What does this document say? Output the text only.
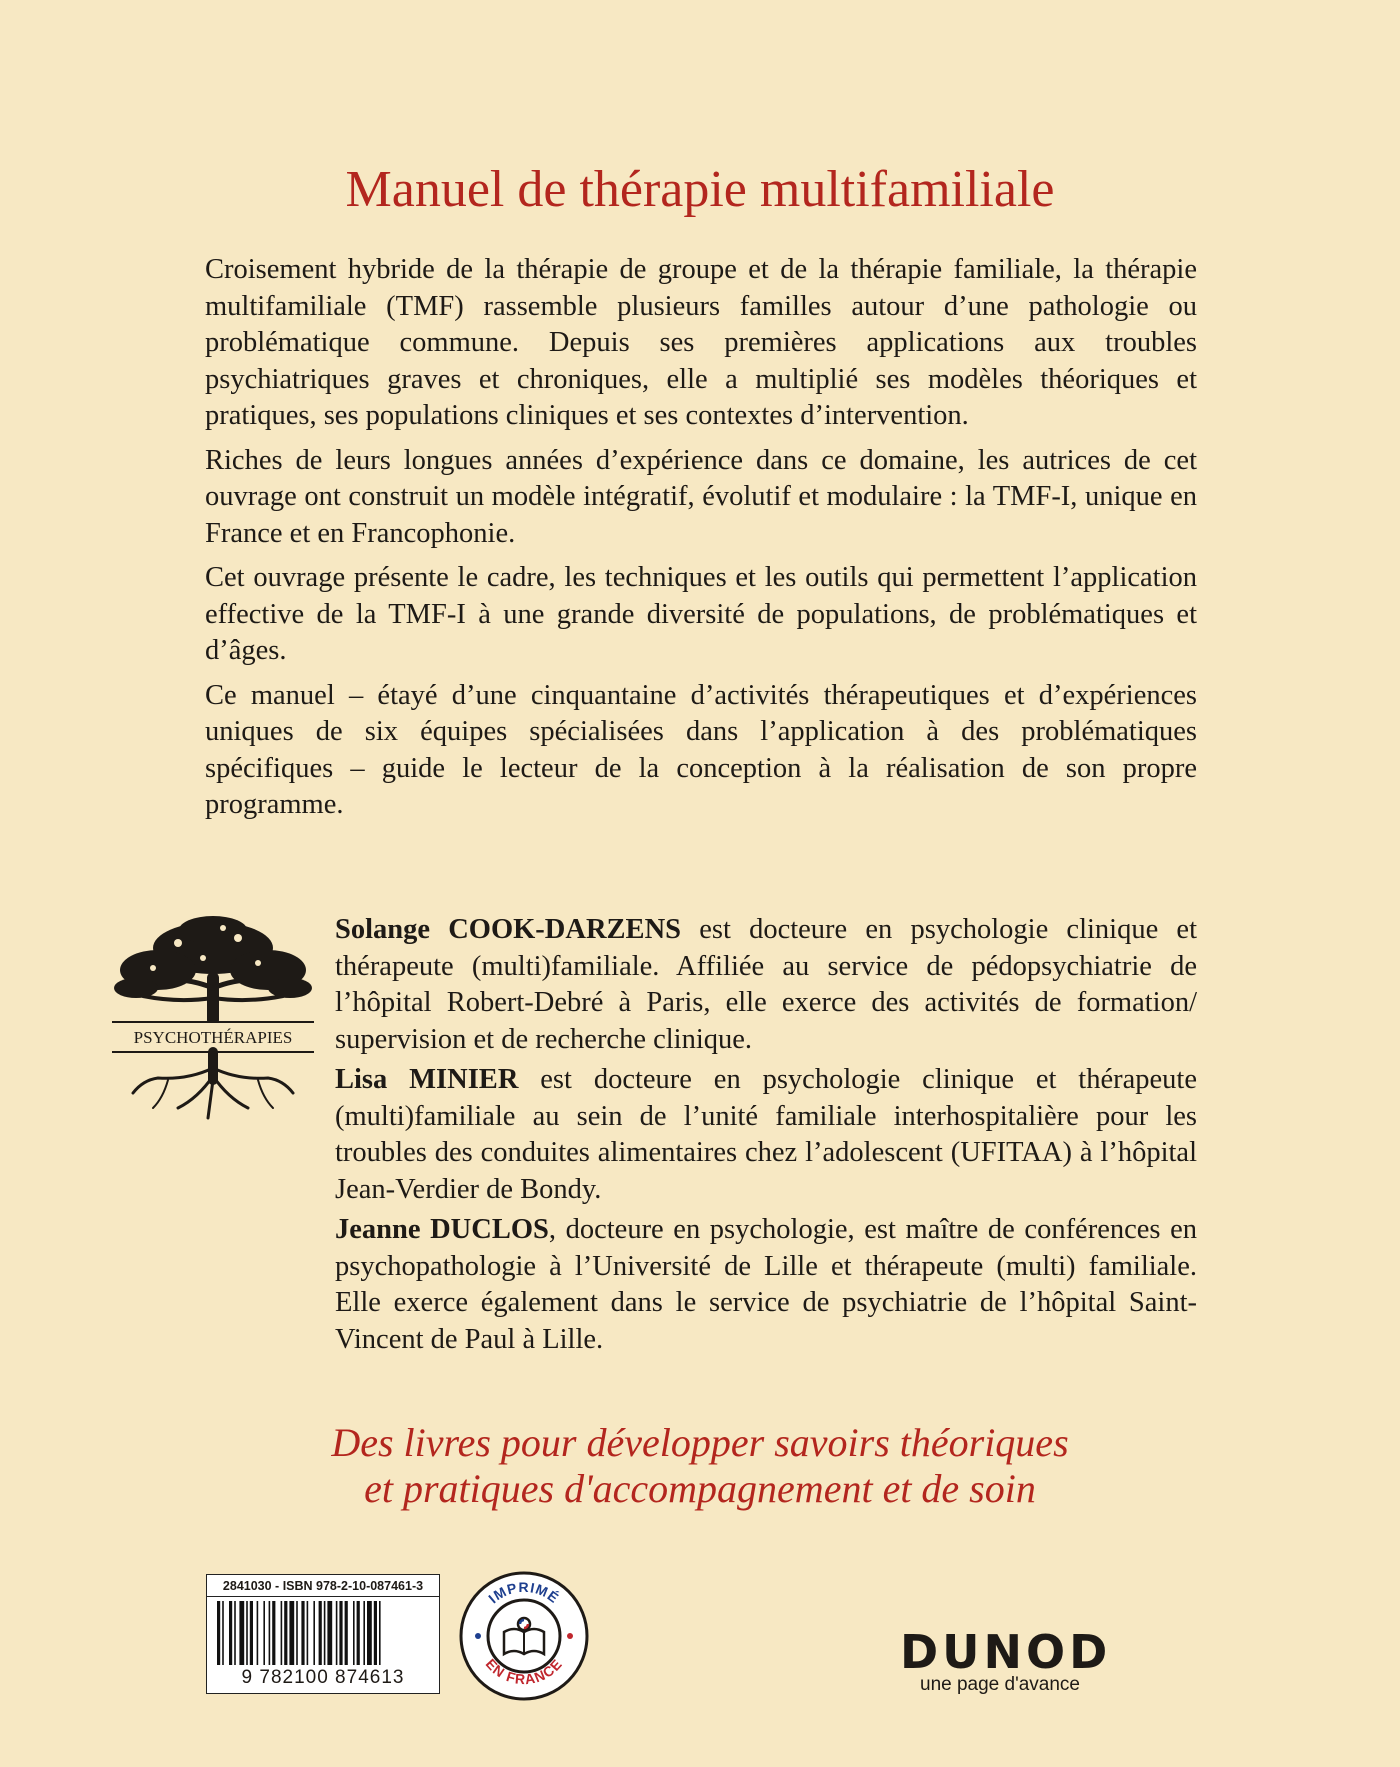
Manuel de thérapie multifamiliale

Croisement hybride de la thérapie de groupe et de la thérapie familiale, la thérapie multifamiliale (TMF) rassemble plusieurs familles autour d’une pathologie ou problématique commune. Depuis ses premières applications aux troubles psychiatriques graves et chroniques, elle a multiplié ses modèles théoriques et pratiques, ses populations cliniques et ses contextes d’intervention.

Riches de leurs longues années d’expérience dans ce domaine, les autrices de cet ouvrage ont construit un modèle intégratif, évolutif et modulaire : la TMF-I, unique en France et en Francophonie.

Cet ouvrage présente le cadre, les techniques et les outils qui permettent l’application effective de la TMF-I à une grande diversité de populations, de problématiques et d’âges.

Ce manuel – étayé d’une cinquantaine d’activités thérapeutiques et d’expériences uniques de six équipes spécialisées dans l’application à des problématiques spécifiques – guide le lecteur de la conception à la réalisation de son propre programme.

PSYCHOTHÉRAPIES

Solange COOK-DARZENS est docteure en psychologie clinique et thérapeute (multi)familiale. Affiliée au service de pédopsychiatrie de l’hôpital Robert-Debré à Paris, elle exerce des activités de formation/ supervision et de recherche clinique.

Lisa MINIER est docteure en psychologie clinique et thérapeute (multi)familiale au sein de l’unité familiale interhospitalière pour les troubles des conduites alimentaires chez l’adolescent (UFITAA) à l’hôpital Jean-Verdier de Bondy.

Jeanne DUCLOS, docteure en psychologie, est maître de conférences en psychopathologie à l’Université de Lille et thérapeute (multi) familiale. Elle exerce également dans le service de psychiatrie de l’hôpital Saint-Vincent de Paul à Lille.

Des livres pour développer savoirs théoriques
et pratiques d'accompagnement et de soin
2841030 - ISBN 978-2-10-087461-3
9 782100 874613
IMPRIMÉ
EN FRANCE	DUNOD
une page d'avance
